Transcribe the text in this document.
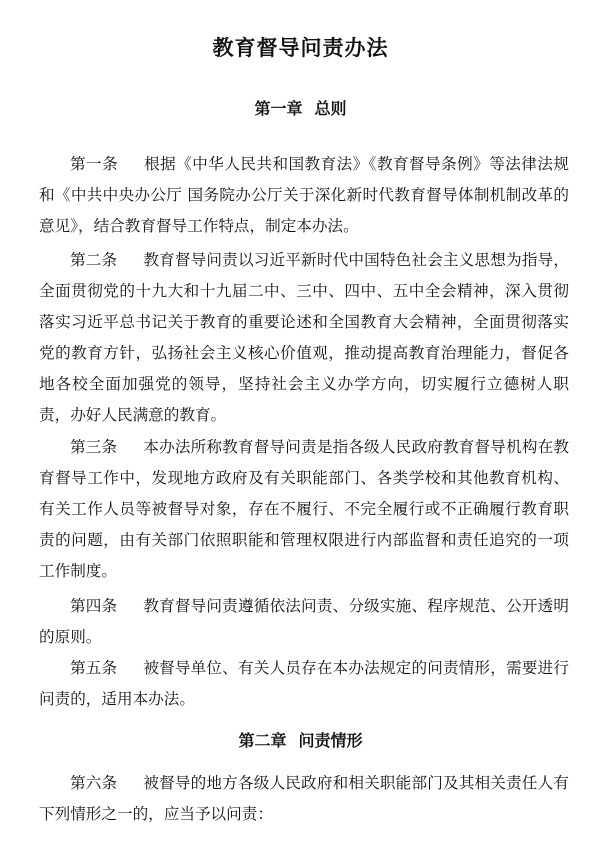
教育督导问责办法
第一章 总则

第一条 根据《中华人民共和国教育法》《教育督导条例》等法律法规和《中共中央办公厅 国务院办公厅关于深化新时代教育督导体制机制改革的意见》，结合教育督导工作特点，制定本办法。

第二条 教育督导问责以习近平新时代中国特色社会主义思想为指导，全面贯彻党的十九大和十九届二中、三中、四中、五中全会精神，深入贯彻落实习近平总书记关于教育的重要论述和全国教育大会精神，全面贯彻落实党的教育方针，弘扬社会主义核心价值观，推动提高教育治理能力，督促各地各校全面加强党的领导，坚持社会主义办学方向，切实履行立德树人职责，办好人民满意的教育。

第三条 本办法所称教育督导问责是指各级人民政府教育督导机构在教育督导工作中，发现地方政府及有关职能部门、各类学校和其他教育机构、有关工作人员等被督导对象，存在不履行、不完全履行或不正确履行教育职责的问题，由有关部门依照职能和管理权限进行内部监督和责任追究的一项工作制度。

第四条 教育督导问责遵循依法问责、分级实施、程序规范、公开透明的原则。

第五条 被督导单位、有关人员存在本办法规定的问责情形，需要进行问责的，适用本办法。

第二章 问责情形

第六条 被督导的地方各级人民政府和相关职能部门及其相关责任人有下列情形之一的，应当予以问责：
